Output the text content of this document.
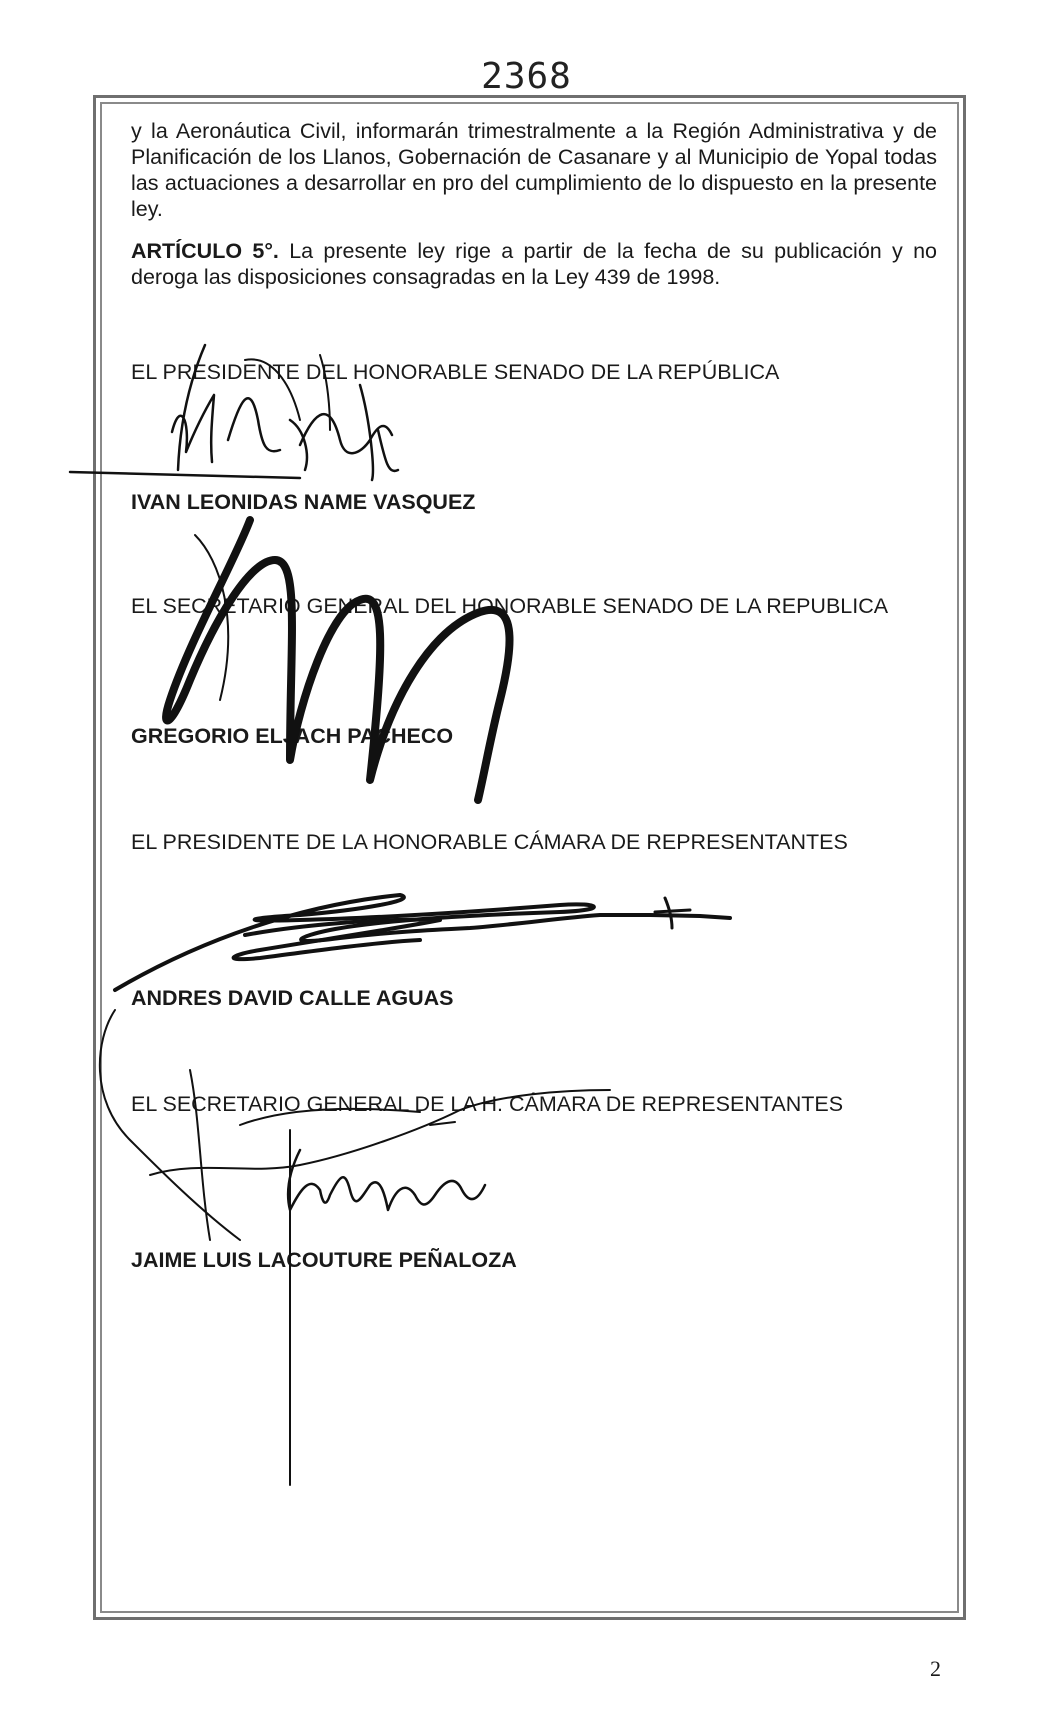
2368

y la Aeronáutica Civil, informarán trimestralmente a la Región Administrativa y de Planificación de los Llanos, Gobernación de Casanare y al Municipio de Yopal todas las actuaciones a desarrollar en pro del cumplimiento de lo dispuesto en la presente ley.

ARTÍCULO 5°. La presente ley rige a partir de la fecha de su publicación y no deroga las disposiciones consagradas en la Ley 439 de 1998.

EL PRESIDENTE DEL HONORABLE SENADO DE LA REPÚBLICA
IVAN LEONIDAS NAME VASQUEZ
EL SECRETARIO GENERAL DEL HONORABLE SENADO DE LA REPUBLICA
GREGORIO ELJACH PACHECO
EL PRESIDENTE DE LA HONORABLE CÁMARA DE REPRESENTANTES
ANDRES DAVID CALLE AGUAS
EL SECRETARIO GENERAL DE LA H. CÁMARA DE REPRESENTANTES
JAIME LUIS LACOUTURE PEÑALOZA
2
